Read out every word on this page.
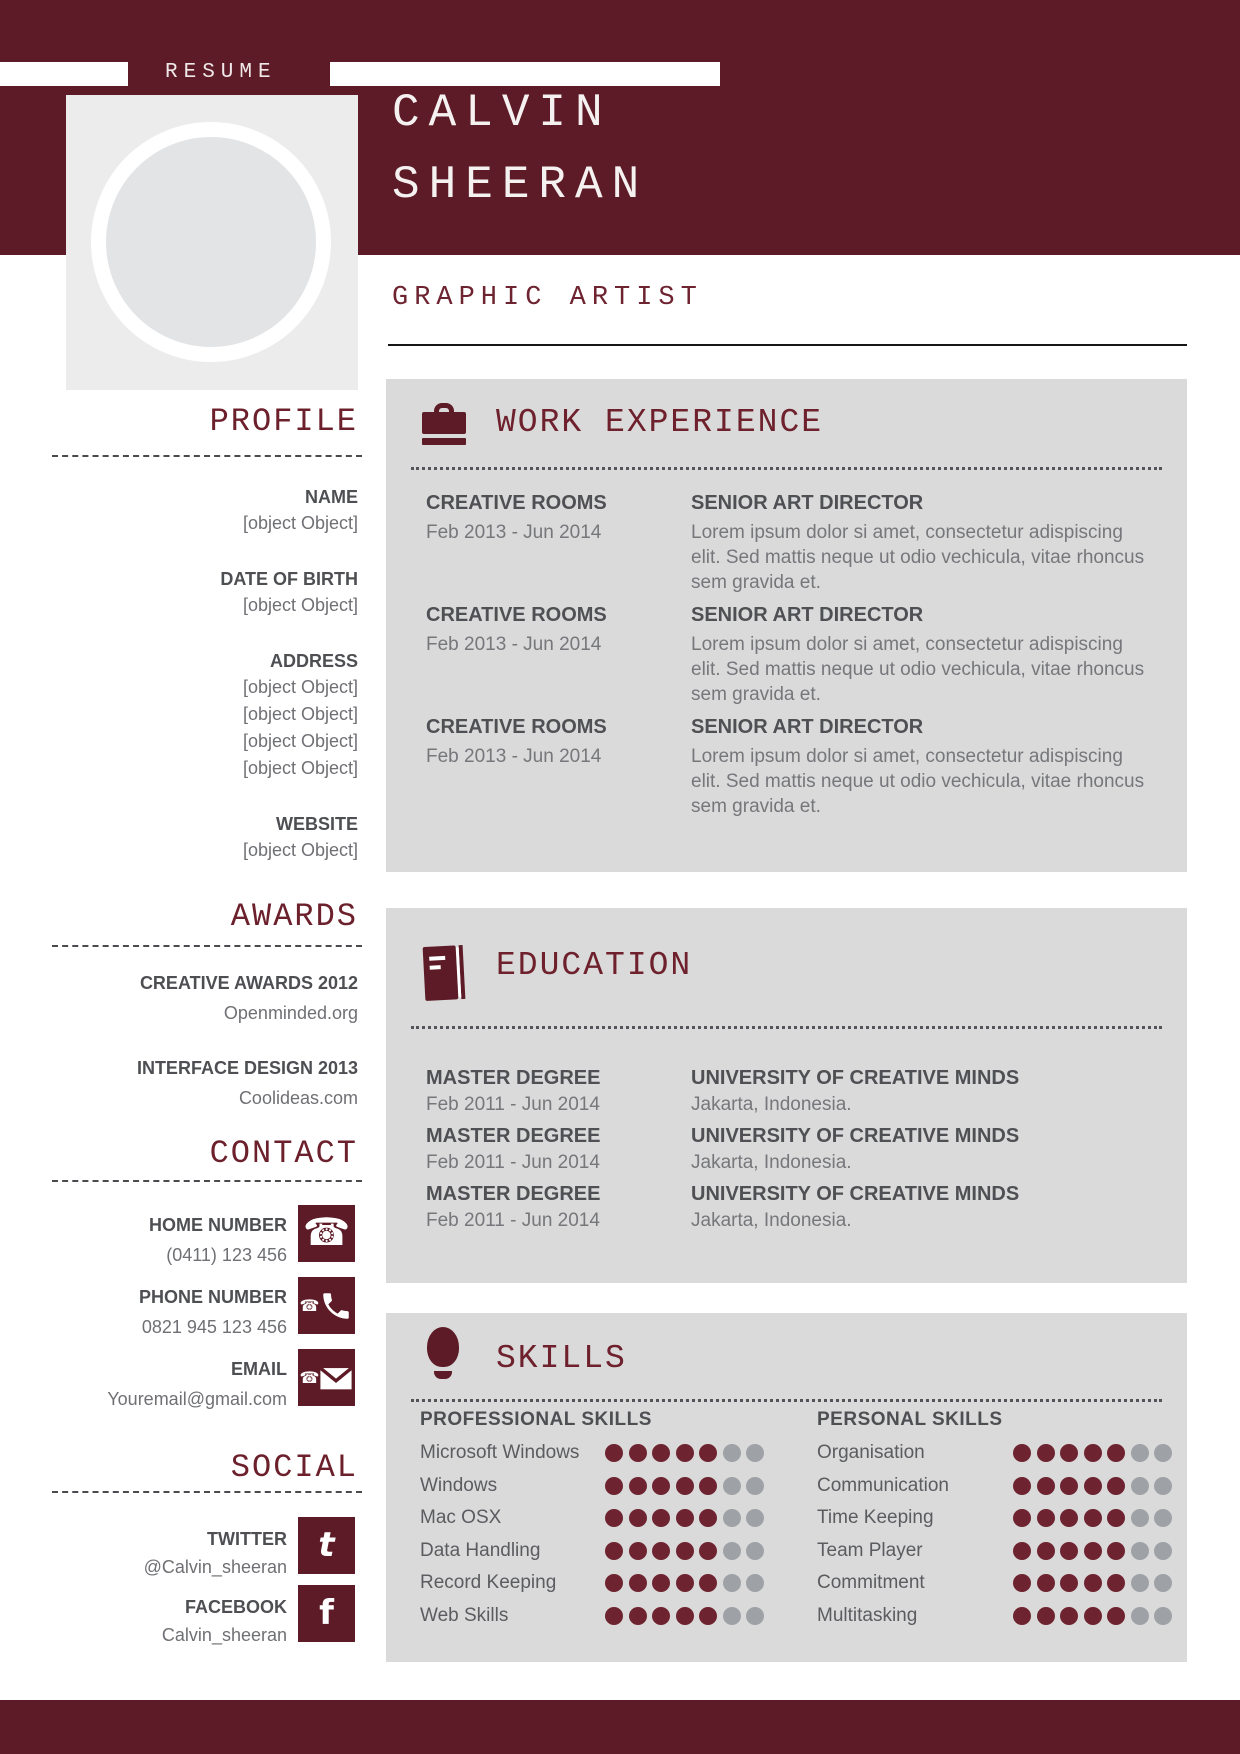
RESUME
CALVIN
SHEERAN
GRAPHIC ARTIST
PROFILE
NAME
[object Object]
DATE OF BIRTH
[object Object]
ADDRESS
[object Object]
[object Object]
[object Object]
[object Object]
WEBSITE
[object Object]
AWARDS
CREATIVE AWARDS 2012
Openminded.org
INTERFACE DESIGN 2013
Coolideas.com
CONTACT
HOME NUMBER
(0411) 123 456
☎
PHONE NUMBER
0821 945 123 456
☎
EMAIL
Youremail@gmail.com
☎
SOCIAL
TWITTER
@Calvin_sheeran
t
FACEBOOK
Calvin_sheeran
f
WORK EXPERIENCE
CREATIVE ROOMS
Feb 2013 - Jun 2014
SENIOR ART DIRECTOR
Lorem ipsum dolor si amet, consectetur adispiscing elit. Sed mattis neque ut odio vechicula, vitae rhoncus sem gravida et.
CREATIVE ROOMS
Feb 2013 - Jun 2014
SENIOR ART DIRECTOR
Lorem ipsum dolor si amet, consectetur adispiscing elit. Sed mattis neque ut odio vechicula, vitae rhoncus sem gravida et.
CREATIVE ROOMS
Feb 2013 - Jun 2014
SENIOR ART DIRECTOR
Lorem ipsum dolor si amet, consectetur adispiscing elit. Sed mattis neque ut odio vechicula, vitae rhoncus sem gravida et.
EDUCATION
MASTER DEGREE
Feb 2011 - Jun 2014
UNIVERSITY OF CREATIVE MINDS
Jakarta, Indonesia.
MASTER DEGREE
Feb 2011 - Jun 2014
UNIVERSITY OF CREATIVE MINDS
Jakarta, Indonesia.
MASTER DEGREE
Feb 2011 - Jun 2014
UNIVERSITY OF CREATIVE MINDS
Jakarta, Indonesia.
SKILLS
PROFESSIONAL SKILLS	PERSONAL SKILLS
Microsoft Windows
Windows
Mac OSX
Data Handling
Record Keeping
Web Skills
Organisation
Communication
Time Keeping
Team Player
Commitment
Multitasking
